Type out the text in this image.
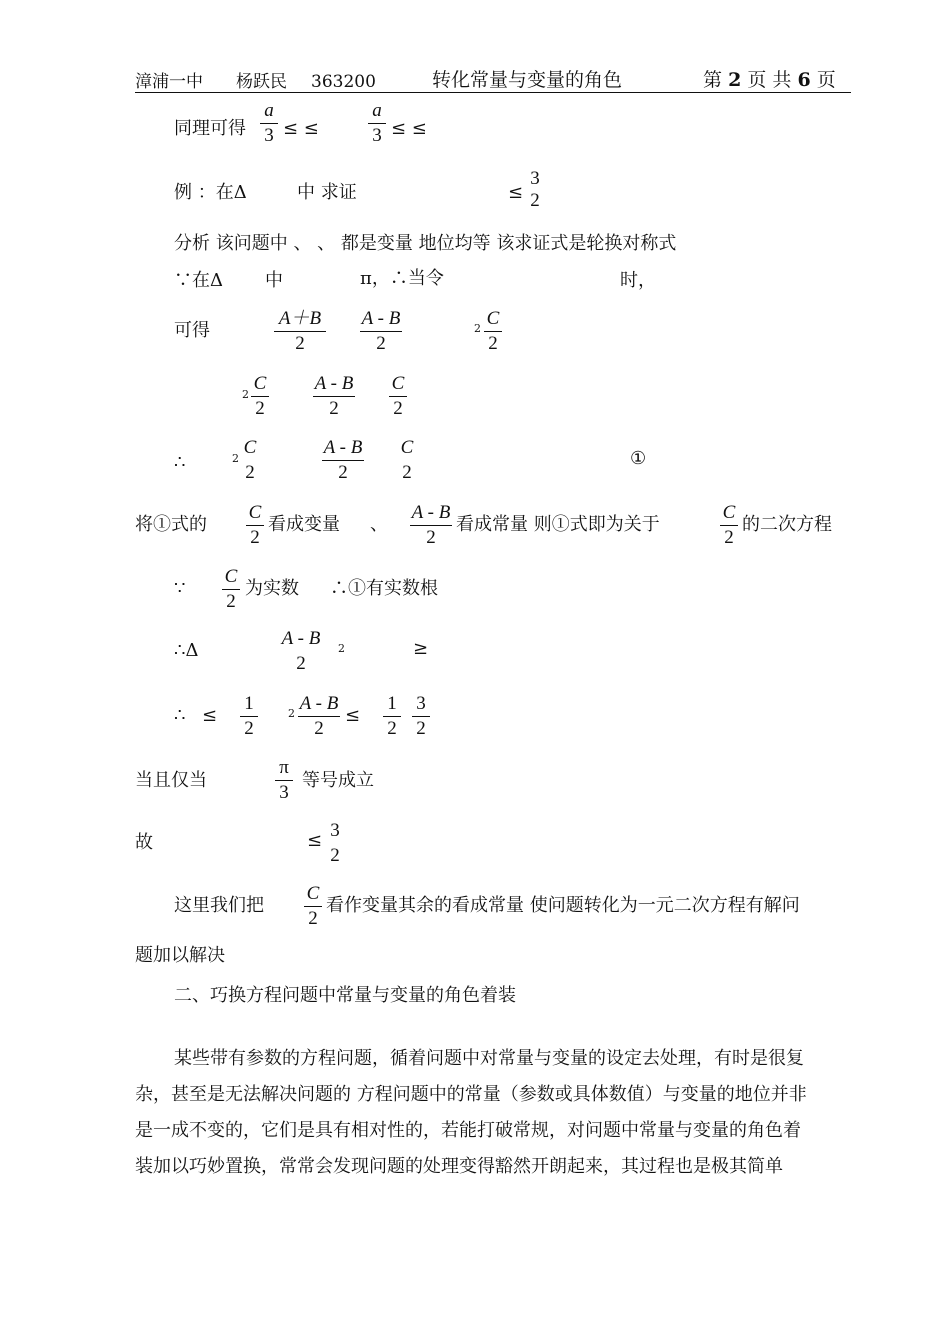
漳浦一中 杨跃民 363200	转化常量与变量的角色	第 2 页 共 6 页
同理可得
a
3 ≤ ≤
a
3 ≤ ≤
例 ：在Δ	中 求证	≤
3
2
分析 该问题中 、 、 都是变量 地位均等 该求证式是轮换对称式
∵在Δ 中	π，∴当令	时，
可得
A＋B
2
A - B
2
2 C
2
2
C
2
A - B
2
C
2
∴	2
C
2
A - B
2
C
2
①
将①式的
C
2
看成变量 、
A - B
2
看成常量 则①式即为关于
C
2
的二次方程
∵
C
2
为实数 ∴①有实数根
∴Δ
A - B
2
2	≥
∴ ≤
1
2
2 A - B
2
≤
1
2
3
2
当且仅当
π
3
等号成立
故	≤ 3
2
这里我们把
C
2
看作变量其余的看成常量 使问题转化为一元二次方程有解问
题加以解决
二、巧换方程问题中常量与变量的角色着装
某些带有参数的方程问题，循着问题中对常量与变量的设定去处理，有时是很复
杂，甚至是无法解决问题的 方程问题中的常量（参数或具体数值）与变量的地位并非
是一成不变的，它们是具有相对性的，若能打破常规，对问题中常量与变量的角色着
装加以巧妙置换，常常会发现问题的处理变得豁然开朗起来，其过程也是极其简单
